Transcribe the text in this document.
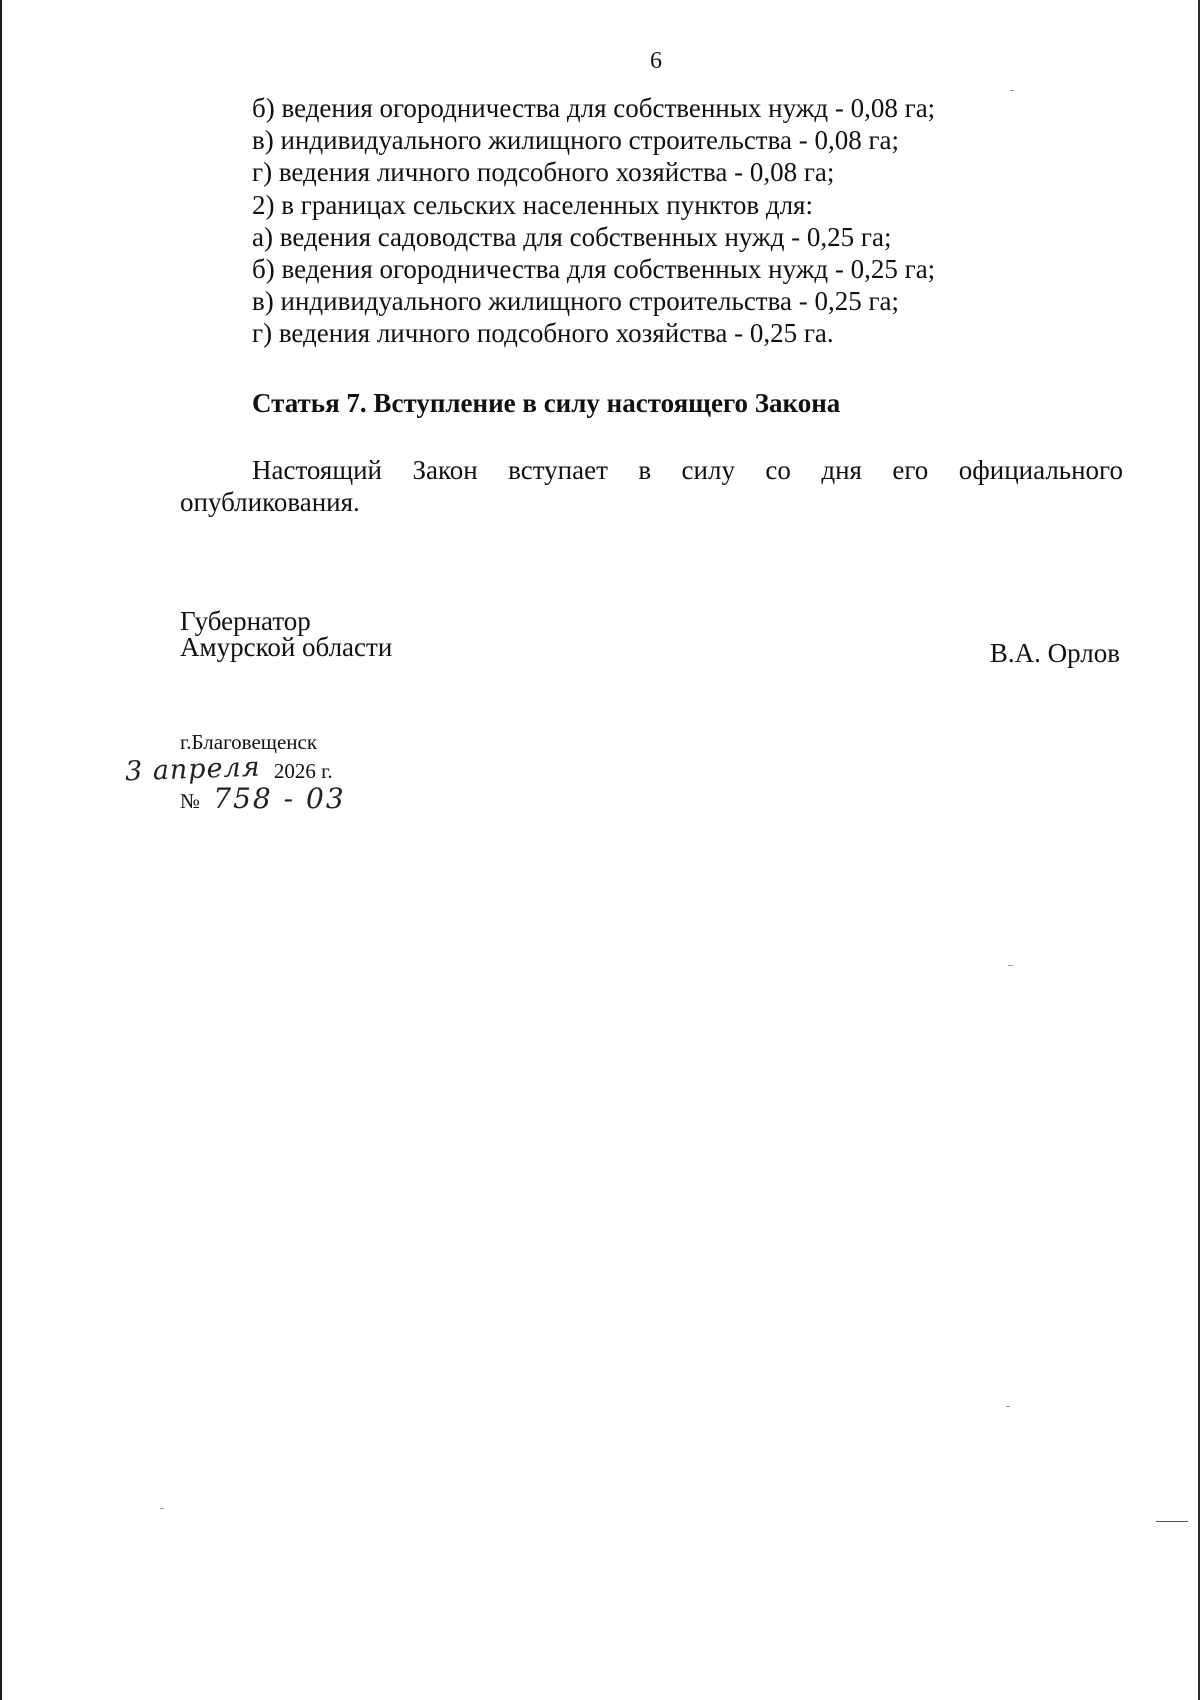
6
б) ведения огородничества для собственных нужд - 0,08 га;
в) индивидуального жилищного строительства - 0,08 га;
г) ведения личного подсобного хозяйства - 0,08 га;
2) в границах сельских населенных пунктов для:
а) ведения садоводства для собственных нужд - 0,25 га;
б) ведения огородничества для собственных нужд - 0,25 га;
в) индивидуального жилищного строительства - 0,25 га;
г) ведения личного подсобного хозяйства - 0,25 га.
Статья 7. Вступление в силу настоящего Закона
Настоящий Закон вступает в силу со дня его официального
опубликования.
Губернатор
Амурской области	В.А. Орлов
г.Благовещенск
3 апреля 2026 г.
№ 758 - 03
